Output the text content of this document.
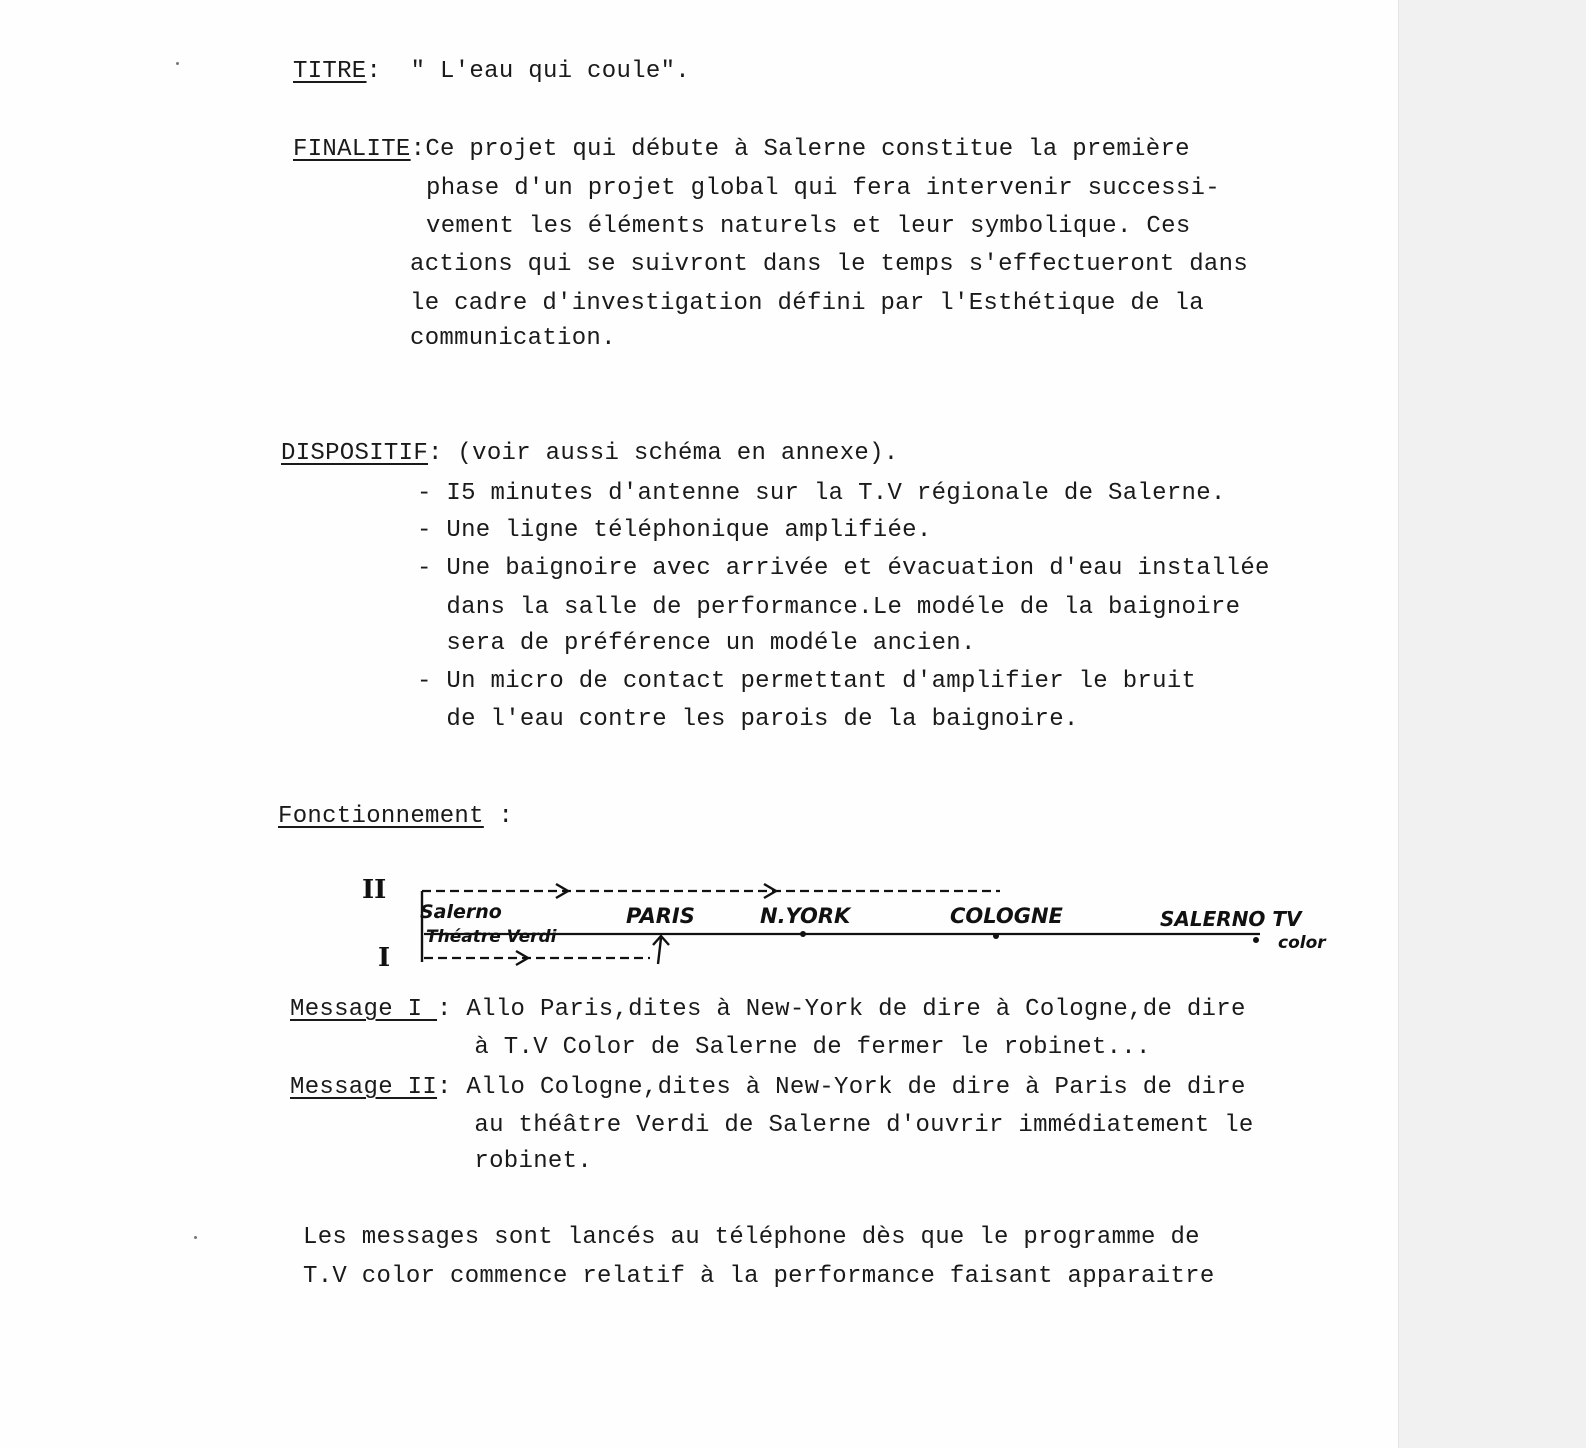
TITRE: " L'eau qui coule".
FINALITE:Ce projet qui débute à Salerne constitue la première
phase d'un projet global qui fera intervenir successi-
vement les éléments naturels et leur symbolique. Ces
actions qui se suivront dans le temps s'effectueront dans
le cadre d'investigation défini par l'Esthétique de la
communication.
DISPOSITIF: (voir aussi schéma en annexe).
- I5 minutes d'antenne sur la T.V régionale de Salerne.
- Une ligne téléphonique amplifiée.
- Une baignoire avec arrivée et évacuation d'eau installée
dans la salle de performance.Le modéle de la baignoire
sera de préférence un modéle ancien.
- Un micro de contact permettant d'amplifier le bruit
de l'eau contre les parois de la baignoire.
Fonctionnement :
II
I
Salerno
Théatre Verdi
PARIS	N.YORK	COLOGNE	SALERNO TV
color
Message I : Allo Paris,dites à New-York de dire à Cologne,de dire
à T.V Color de Salerne de fermer le robinet...
Message II: Allo Cologne,dites à New-York de dire à Paris de dire
au théâtre Verdi de Salerne d'ouvrir immédiatement le
robinet.
Les messages sont lancés au téléphone dès que le programme de
T.V color commence relatif à la performance faisant apparaitre
